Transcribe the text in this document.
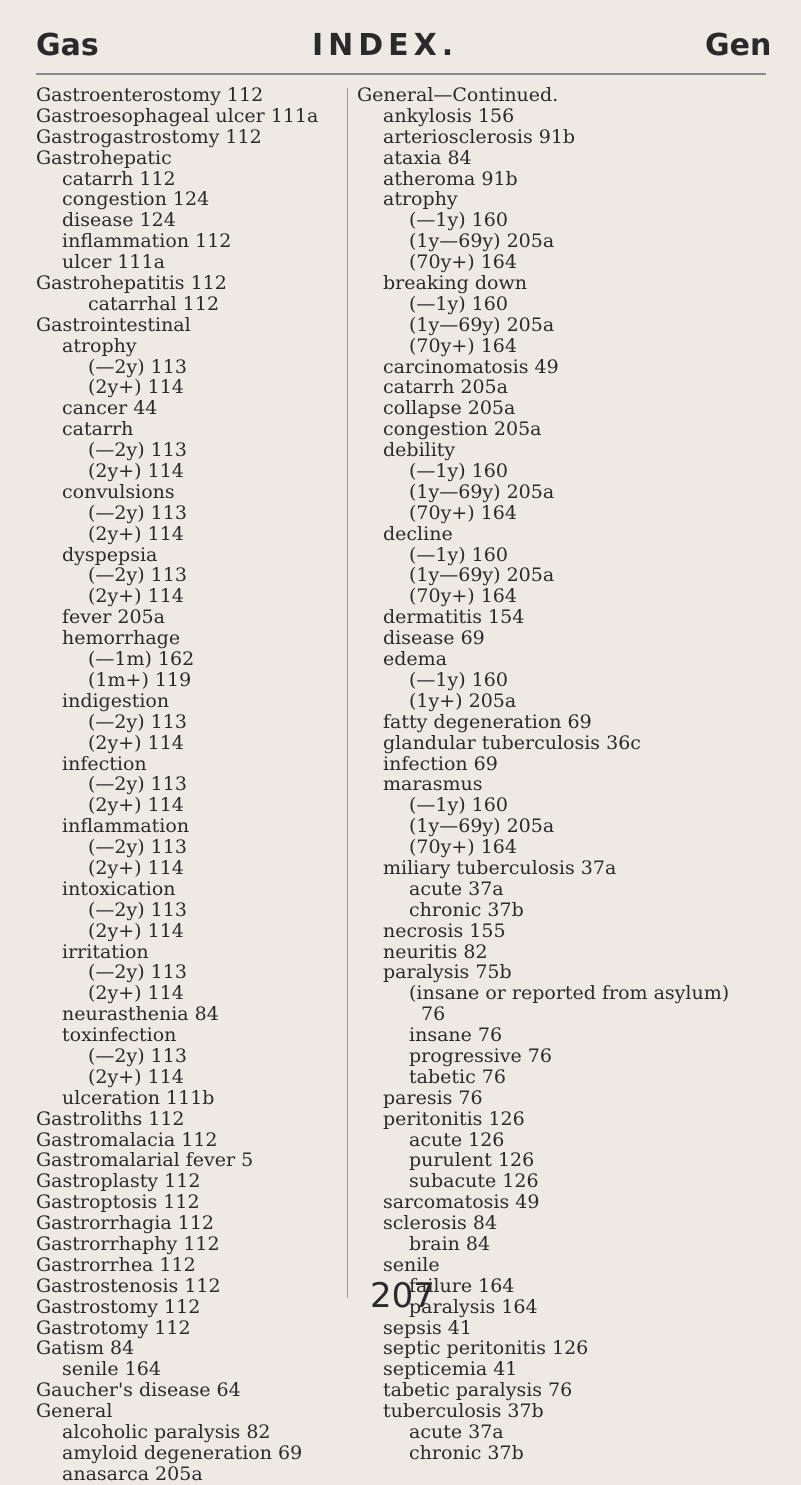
Gas	INDEX.	Gen
Gastroenterostomy 112
Gastroesophageal ulcer 111a
Gastrogastrostomy 112
Gastrohepatic
catarrh 112
congestion 124
disease 124
inflammation 112
ulcer 111a
Gastrohepatitis 112
catarrhal 112
Gastrointestinal
atrophy
(—2y) 113
(2y+) 114
cancer 44
catarrh
(—2y) 113
(2y+) 114
convulsions
(—2y) 113
(2y+) 114
dyspepsia
(—2y) 113
(2y+) 114
fever 205a
hemorrhage
(—1m) 162
(1m+) 119
indigestion
(—2y) 113
(2y+) 114
infection
(—2y) 113
(2y+) 114
inflammation
(—2y) 113
(2y+) 114
intoxication
(—2y) 113
(2y+) 114
irritation
(—2y) 113
(2y+) 114
neurasthenia 84
toxinfection
(—2y) 113
(2y+) 114
ulceration 111b
Gastroliths 112
Gastromalacia 112
Gastromalarial fever 5
Gastroplasty 112
Gastroptosis 112
Gastrorrhagia 112
Gastrorrhaphy 112
Gastrorrhea 112
Gastrostenosis 112
Gastrostomy 112
Gastrotomy 112
Gatism 84
senile 164
Gaucher's disease 64
General
alcoholic paralysis 82
amyloid degeneration 69
anasarca 205a
General—Continued.
ankylosis 156
arteriosclerosis 91b
ataxia 84
atheroma 91b
atrophy
(—1y) 160
(1y—69y) 205a
(70y+) 164
breaking down
(—1y) 160
(1y—69y) 205a
(70y+) 164
carcinomatosis 49
catarrh 205a
collapse 205a
congestion 205a
debility
(—1y) 160
(1y—69y) 205a
(70y+) 164
decline
(—1y) 160
(1y—69y) 205a
(70y+) 164
dermatitis 154
disease 69
edema
(—1y) 160
(1y+) 205a
fatty degeneration 69
glandular tuberculosis 36c
infection 69
marasmus
(—1y) 160
(1y—69y) 205a
(70y+) 164
miliary tuberculosis 37a
acute 37a
chronic 37b
necrosis 155
neuritis 82
paralysis 75b
(insane or reported from asylum)
76
insane 76
progressive 76
tabetic 76
paresis 76
peritonitis 126
acute 126
purulent 126
subacute 126
sarcomatosis 49
sclerosis 84
brain 84
senile
failure 164
paralysis 164
sepsis 41
septic peritonitis 126
septicemia 41
tabetic paralysis 76
tuberculosis 37b
acute 37a
chronic 37b
207
